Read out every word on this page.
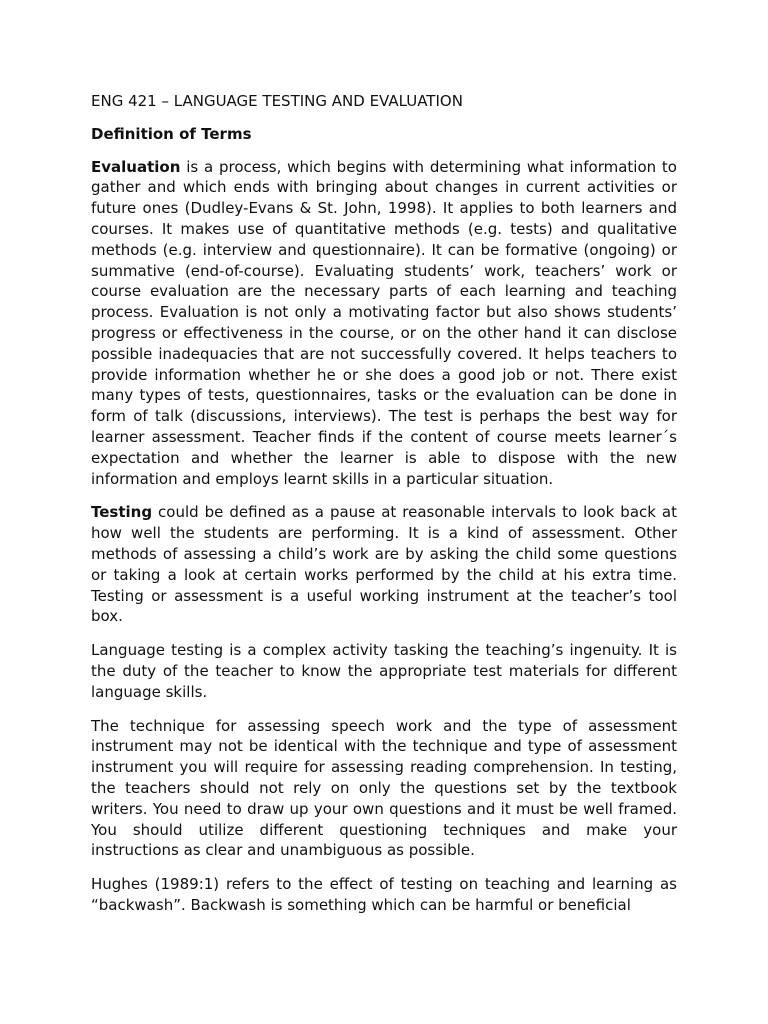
ENG 421 – LANGUAGE TESTING AND EVALUATION
Definition of Terms

Evaluation is a process, which begins with determining what information to gather and which ends with bringing about changes in current activities or future ones (Dudley-Evans & St. John, 1998). It applies to both learners and courses. It makes use of quantitative methods (e.g. tests) and qualitative methods (e.g. interview and questionnaire). It can be formative (ongoing) or summative (end-of-course). Evaluating students’ work, teachers’ work or course evaluation are the necessary parts of each learning and teaching process. Evaluation is not only a motivating factor but also shows students’ progress or effectiveness in the course, or on the other hand it can disclose possible inadequacies that are not successfully covered. It helps teachers to provide information whether he or she does a good job or not. There exist many types of tests, questionnaires, tasks or the evaluation can be done in form of talk (discussions, interviews). The test is perhaps the best way for learner assessment. Teacher finds if the content of course meets learner´s expectation and whether the learner is able to dispose with the new information and employs learnt skills in a particular situation.

Testing could be defined as a pause at reasonable intervals to look back at how well the students are performing. It is a kind of assessment. Other methods of assessing a child’s work are by asking the child some questions or taking a look at certain works performed by the child at his extra time. Testing or assessment is a useful working instrument at the teacher’s tool box.

Language testing is a complex activity tasking the teaching’s ingenuity. It is the duty of the teacher to know the appropriate test materials for different language skills.

The technique for assessing speech work and the type of assessment instrument may not be identical with the technique and type of assessment instrument you will require for assessing reading comprehension. In testing, the teachers should not rely on only the questions set by the textbook writers. You need to draw up your own questions and it must be well framed. You should utilize different questioning techniques and make your instructions as clear and unambiguous as possible.

Hughes (1989:1) refers to the effect of testing on teaching and learning as “backwash”. Backwash is something which can be harmful or beneficial
